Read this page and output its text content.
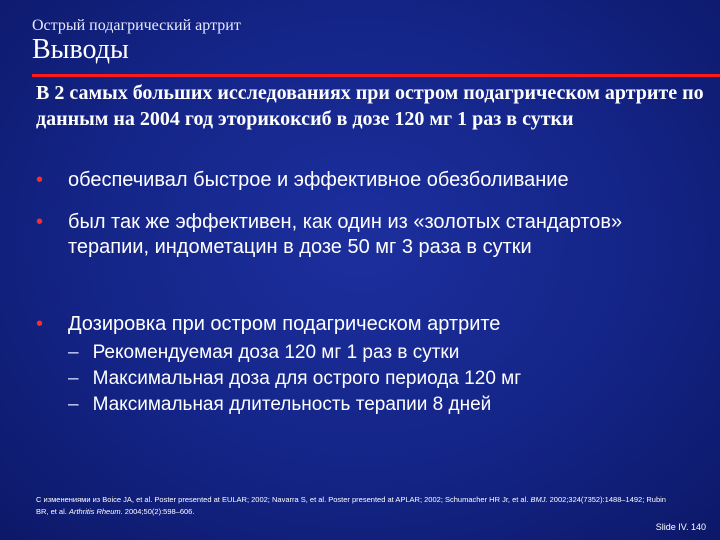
Острый подагрический артрит
Выводы
В 2 самых больших исследованиях при остром подагрическом артрите по данным на 2004 год эторикоксиб в дозе 120 мг 1 раз в сутки
• обеспечивал быстрое и эффективное обезболивание
• был так же эффективен, как один из «золотых стандартов» терапии, индометацин в дозе 50 мг 3 раза в сутки
• Дозировка при остром подагрическом артрите
– Рекомендуемая доза 120 мг 1 раз в сутки
– Максимальная доза для острого периода 120 мг
– Максимальная длительность терапии 8 дней
С изменениями из Boice JA, et al. Poster presented at EULAR; 2002; Navarra S, et al. Poster presented at APLAR; 2002; Schumacher HR Jr, et al. BMJ. 2002;324(7352):1488–1492; Rubin BR, et al. Arthritis Rheum. 2004;50(2):598–606.
Slide IV. 140
